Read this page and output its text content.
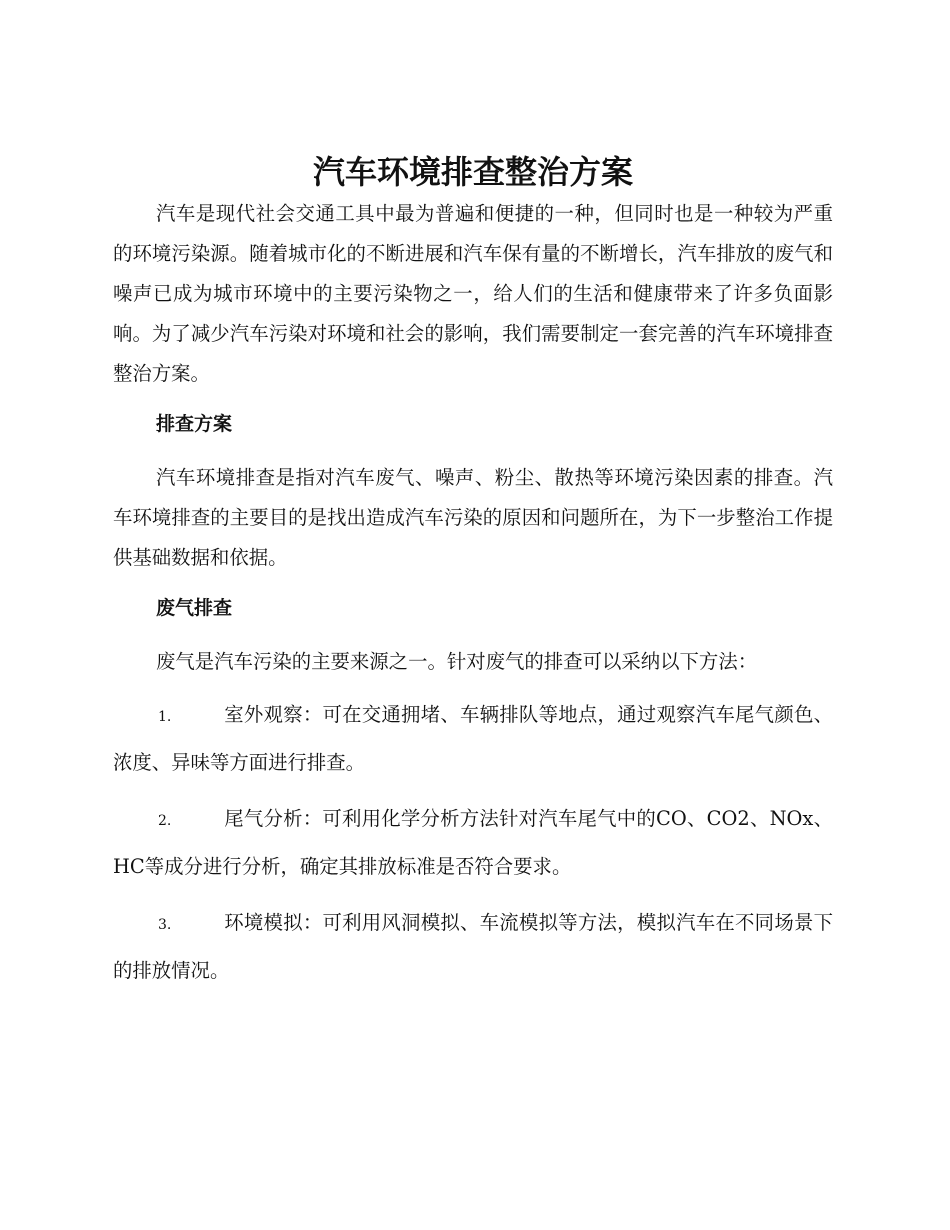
汽车环境排查整治方案

汽车是现代社会交通工具中最为普遍和便捷的一种，但同时也是一种较为严重的环境污染源。随着城市化的不断进展和汽车保有量的不断增长，汽车排放的废气和噪声已成为城市环境中的主要污染物之一，给人们的生活和健康带来了许多负面影响。为了减少汽车污染对环境和社会的影响，我们需要制定一套完善的汽车环境排查整治方案。

排查方案

汽车环境排查是指对汽车废气、噪声、粉尘、散热等环境污染因素的排查。汽车环境排查的主要目的是找出造成汽车污染的原因和问题所在，为下一步整治工作提供基础数据和依据。

废气排查

废气是汽车污染的主要来源之一。针对废气的排查可以采纳以下方法：

1.	室外观察：可在交通拥堵、车辆排队等地点，通过观察汽车尾气颜色、浓度、异味等方面进行排查。

2.	尾气分析：可利用化学分析方法针对汽车尾气中的CO、CO2、NOx、HC等成分进行分析，确定其排放标准是否符合要求。

3.	环境模拟：可利用风洞模拟、车流模拟等方法，模拟汽车在不同场景下的排放情况。
